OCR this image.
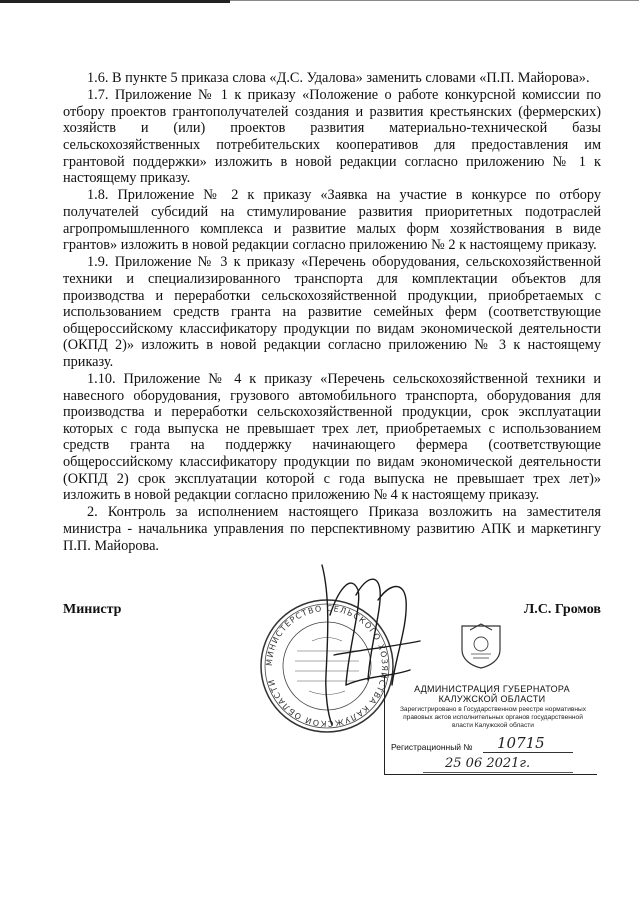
1.6. В пункте 5 приказа слова «Д.С. Удалова» заменить словами «П.П. Майорова».

1.7. Приложение № 1 к приказу «Положение о работе конкурсной комиссии по отбору проектов грантополучателей создания и развития крестьянских (фермерских) хозяйств и (или) проектов развития материально-технической базы сельскохозяйственных потребительских кооперативов для предоставления им грантовой поддержки» изложить в новой редакции согласно приложению № 1 к настоящему приказу.

1.8. Приложение № 2 к приказу «Заявка на участие в конкурсе по отбору получателей субсидий на стимулирование развития приоритетных подотраслей агропромышленного комплекса и развитие малых форм хозяйствования в виде грантов» изложить в новой редакции согласно приложению № 2 к настоящему приказу.

1.9. Приложение № 3 к приказу «Перечень оборудования, сельскохозяйственной техники и специализированного транспорта для комплектации объектов для производства и переработки сельскохозяйственной продукции, приобретаемых с использованием средств гранта на развитие семейных ферм (соответствующие общероссийскому классификатору продукции по видам экономической деятельности (ОКПД 2)» изложить в новой редакции согласно приложению № 3 к настоящему приказу.

1.10. Приложение № 4 к приказу «Перечень сельскохозяйственной техники и навесного оборудования, грузового автомобильного транспорта, оборудования для производства и переработки сельскохозяйственной продукции, срок эксплуатации которых с года выпуска не превышает трех лет, приобретаемых с использованием средств гранта на поддержку начинающего фермера (соответствующие общероссийскому классификатору продукции по видам экономической деятельности (ОКПД 2) срок эксплуатации которой с года выпуска не превышает трех лет)» изложить в новой редакции согласно приложению № 4 к настоящему приказу.

2. Контроль за исполнением настоящего Приказа возложить на заместителя министра - начальника управления по перспективному развитию АПК и маркетингу П.П. Майорова.

Министр	Л.С. Громов
МИНИСТЕРСТВО СЕЛЬСКОГО ХОЗЯЙСТВА КАЛУЖСКОЙ ОБЛАСТИ
АДМИНИСТРАЦИЯ ГУБЕРНАТОРА КАЛУЖСКОЙ ОБЛАСТИ
Зарегистрировано в Государственном реестре нормативных правовых актов исполнительных органов государственной власти Калужской области
Регистрационный № 10715
25 06 2021г.
